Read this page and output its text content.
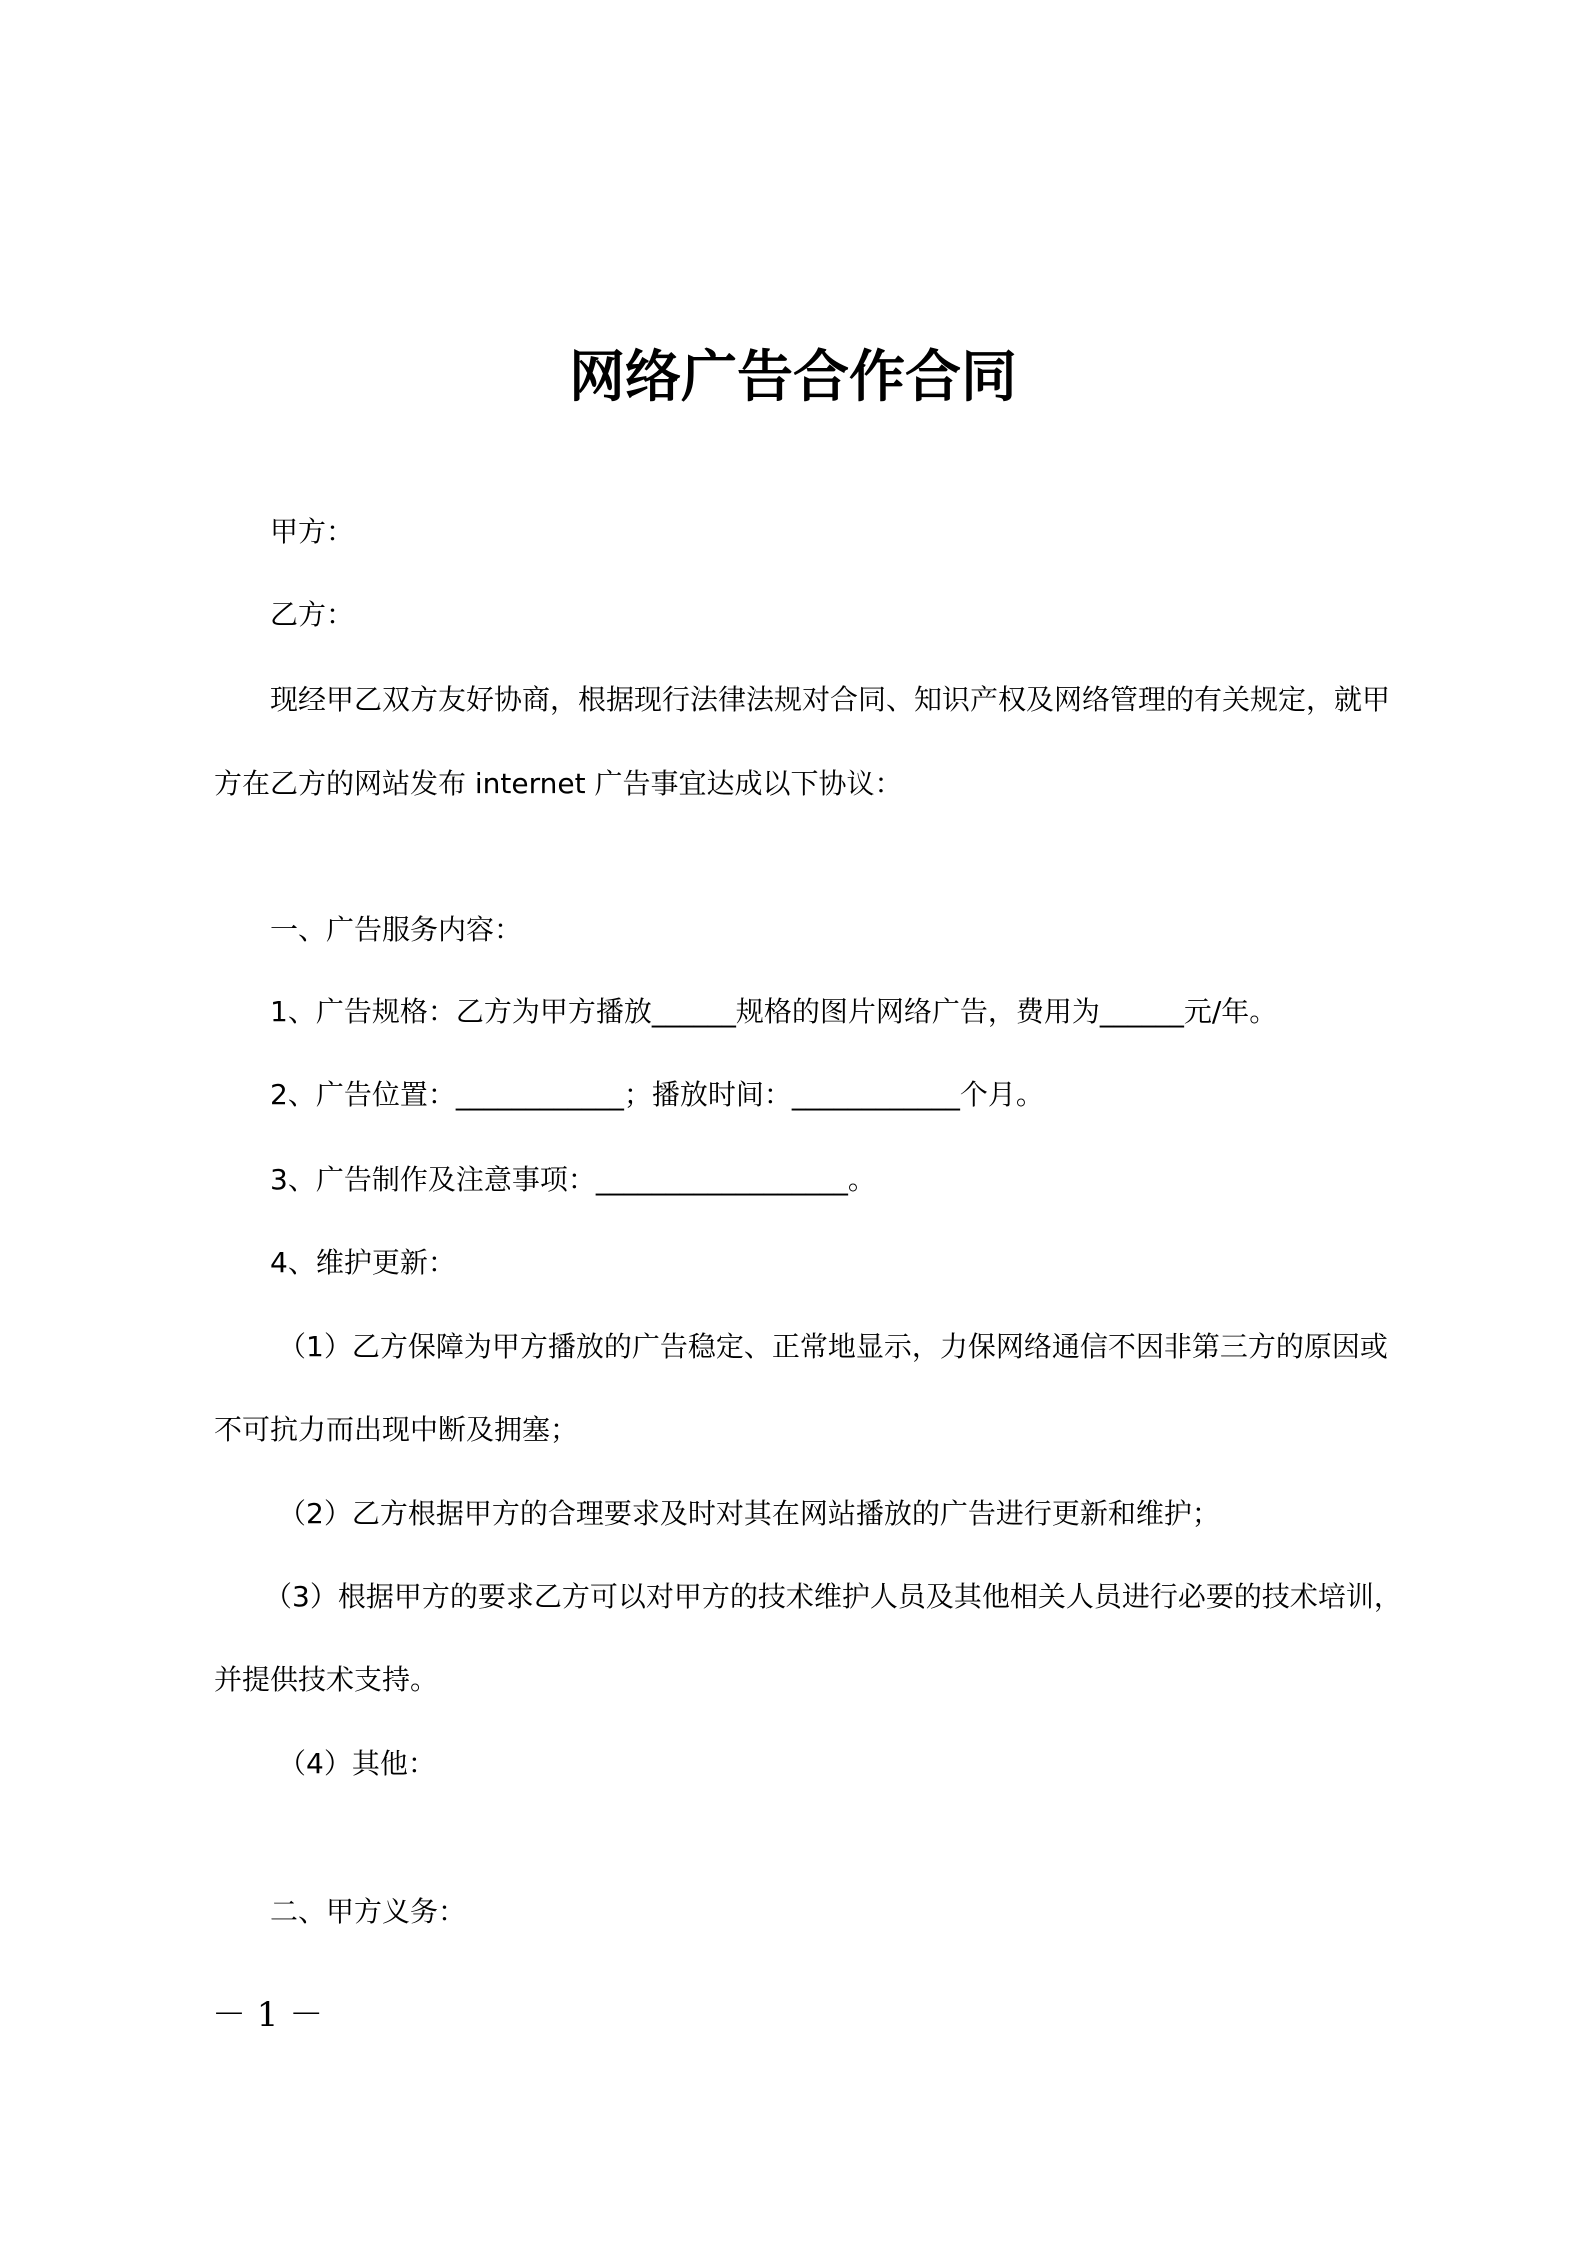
网络广告合作合同
甲方：
乙方：
现经甲乙双方友好协商，根据现行法律法规对合同、知识产权及网络管理的有关规定，就甲
方在乙方的网站发布 internet 广告事宜达成以下协议：
一、广告服务内容：
1、广告规格：乙方为甲方播放______规格的图片网络广告，费用为______元/年。
2、广告位置：____________；播放时间：____________个月。
3、广告制作及注意事项：__________________。
4、维护更新：
（1）乙方保障为甲方播放的广告稳定、正常地显示，力保网络通信不因非第三方的原因或
不可抗力而出现中断及拥塞；
（2）乙方根据甲方的合理要求及时对其在网站播放的广告进行更新和维护；
（3）根据甲方的要求乙方可以对甲方的技术维护人员及其他相关人员进行必要的技术培训，
并提供技术支持。
（4）其他：
二、甲方义务：
－ 1 －
